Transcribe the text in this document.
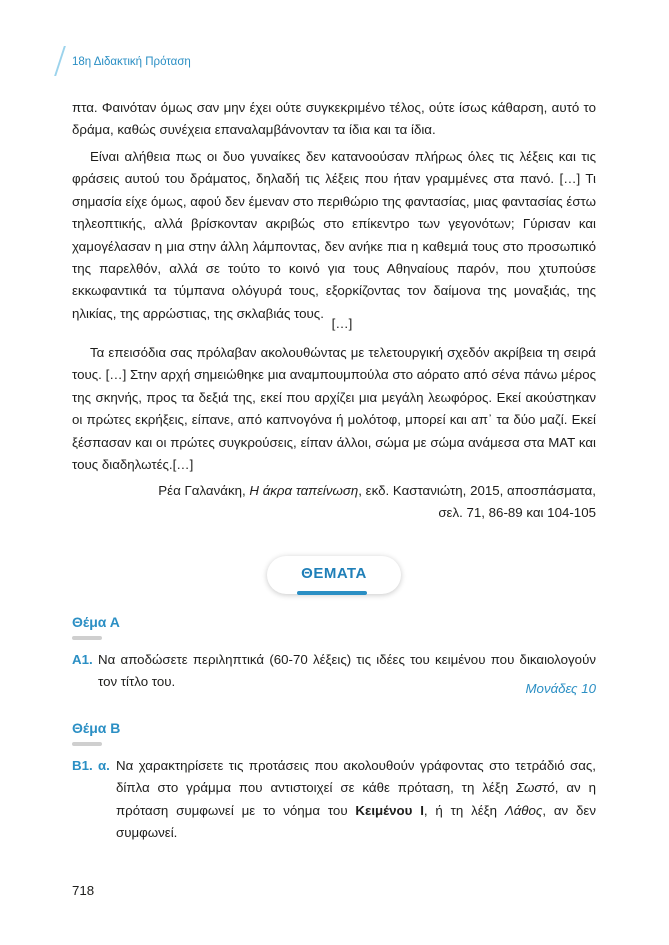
18η Διδακτική Πρόταση
πτα. Φαινόταν όμως σαν μην έχει ούτε συγκεκριμένο τέλος, ούτε ίσως κάθαρση, αυτό το δράμα, καθώς συνέχεια επαναλαμβάνονταν τα ίδια και τα ίδια.
Είναι αλήθεια πως οι δυο γυναίκες δεν κατανοούσαν πλήρως όλες τις λέξεις και τις φράσεις αυτού του δράματος, δηλαδή τις λέξεις που ήταν γραμμένες στα πανό. […] Τι σημασία είχε όμως, αφού δεν έμεναν στο περιθώριο της φαντασίας, μιας φαντασίας έστω τηλεοπτικής, αλλά βρίσκονταν ακριβώς στο επίκεντρο των γεγονότων; Γύρισαν και χαμογέλασαν η μια στην άλλη λάμποντας, δεν ανήκε πια η καθεμιά τους στο προσωπικό της παρελθόν, αλλά σε τούτο το κοινό για τους Αθηναίους παρόν, που χτυπούσε εκκωφαντικά τα τύμπανα ολόγυρά τους, εξορκίζοντας τον δαίμονα της μοναξιάς, της ηλικίας, της αρρώστιας, της σκλαβιάς τους.
[…]
Τα επεισόδια σας πρόλαβαν ακολουθώντας με τελετουργική σχεδόν ακρίβεια τη σειρά τους. […] Στην αρχή σημειώθηκε μια αναμπουμπούλα στο αόρατο από σένα πάνω μέρος της σκηνής, προς τα δεξιά της, εκεί που αρχίζει μια μεγάλη λεωφόρος. Εκεί ακούστηκαν οι πρώτες εκρήξεις, είπανε, από καπνογόνα ή μολότοφ, μπορεί και απ᾽ τα δύο μαζί. Εκεί ξέσπασαν και οι πρώτες συγκρούσεις, είπαν άλλοι, σώμα με σώμα ανάμεσα στα ΜΑΤ και τους διαδηλωτές.[…]
Ρέα Γαλανάκη, Η άκρα ταπείνωση, εκδ. Καστανιώτη, 2015, αποσπάσματα,
σελ. 71, 86-89 και 104-105
ΘΕΜΑΤΑ
Θέμα Α
Α1. Να αποδώσετε περιληπτικά (60-70 λέξεις) τις ιδέες του κειμένου που δικαιολογούν τον τίτλο του.	Μονάδες 10
Θέμα Β
Β1. α. Να χαρακτηρίσετε τις προτάσεις που ακολουθούν γράφοντας στο τετράδιό σας, δίπλα στο γράμμα που αντιστοιχεί σε κάθε πρόταση, τη λέξη Σωστό, αν η πρόταση συμφωνεί με το νόημα του Κειμένου Ι, ή τη λέξη Λάθος, αν δεν συμφωνεί.
718
